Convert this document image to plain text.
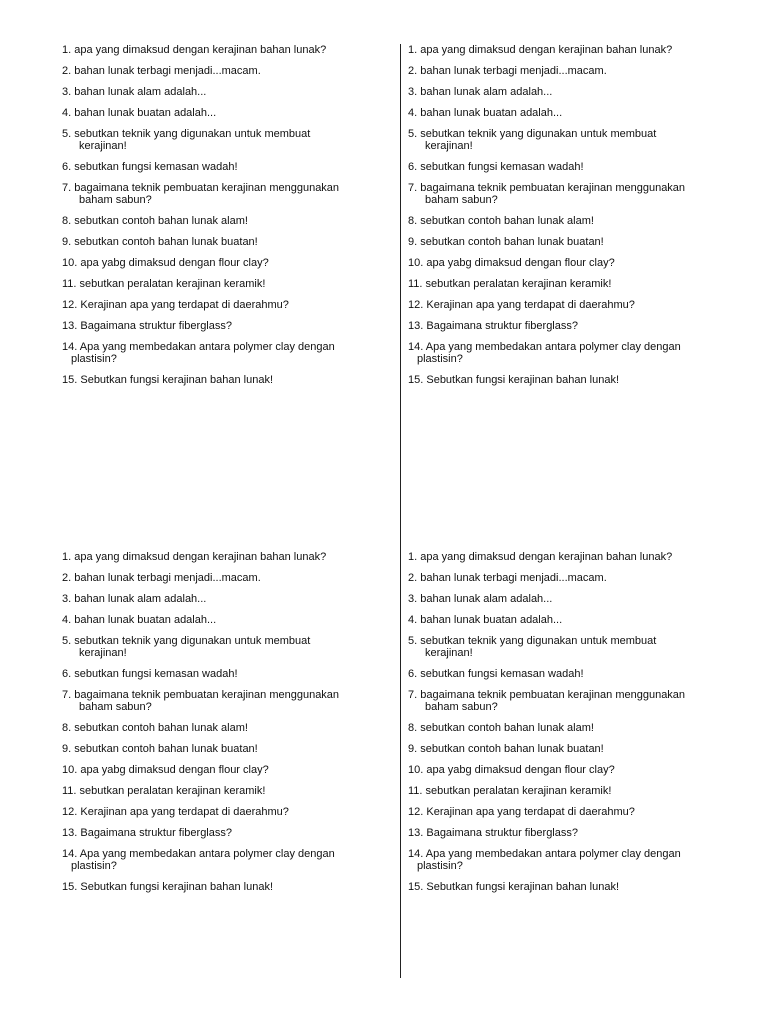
1. apa yang dimaksud dengan kerajinan bahan lunak?
2. bahan lunak terbagi menjadi...macam.
3. bahan lunak alam adalah...
4. bahan lunak buatan adalah...
5. sebutkan teknik yang digunakan untuk membuat
kerajinan!
6. sebutkan fungsi kemasan wadah!
7. bagaimana teknik pembuatan kerajinan menggunakan
baham sabun?
8. sebutkan contoh bahan lunak alam!
9. sebutkan contoh bahan lunak buatan!
10. apa yabg dimaksud dengan flour clay?
11. sebutkan peralatan kerajinan keramik!
12. Kerajinan apa yang terdapat di daerahmu?
13. Bagaimana struktur fiberglass?
14. Apa yang membedakan antara polymer clay dengan
plastisin?
15. Sebutkan fungsi kerajinan bahan lunak!
1. apa yang dimaksud dengan kerajinan bahan lunak?
2. bahan lunak terbagi menjadi...macam.
3. bahan lunak alam adalah...
4. bahan lunak buatan adalah...
5. sebutkan teknik yang digunakan untuk membuat
kerajinan!
6. sebutkan fungsi kemasan wadah!
7. bagaimana teknik pembuatan kerajinan menggunakan
baham sabun?
8. sebutkan contoh bahan lunak alam!
9. sebutkan contoh bahan lunak buatan!
10. apa yabg dimaksud dengan flour clay?
11. sebutkan peralatan kerajinan keramik!
12. Kerajinan apa yang terdapat di daerahmu?
13. Bagaimana struktur fiberglass?
14. Apa yang membedakan antara polymer clay dengan
plastisin?
15. Sebutkan fungsi kerajinan bahan lunak!
1. apa yang dimaksud dengan kerajinan bahan lunak?
2. bahan lunak terbagi menjadi...macam.
3. bahan lunak alam adalah...
4. bahan lunak buatan adalah...
5. sebutkan teknik yang digunakan untuk membuat
kerajinan!
6. sebutkan fungsi kemasan wadah!
7. bagaimana teknik pembuatan kerajinan menggunakan
baham sabun?
8. sebutkan contoh bahan lunak alam!
9. sebutkan contoh bahan lunak buatan!
10. apa yabg dimaksud dengan flour clay?
11. sebutkan peralatan kerajinan keramik!
12. Kerajinan apa yang terdapat di daerahmu?
13. Bagaimana struktur fiberglass?
14. Apa yang membedakan antara polymer clay dengan
plastisin?
15. Sebutkan fungsi kerajinan bahan lunak!
1. apa yang dimaksud dengan kerajinan bahan lunak?
2. bahan lunak terbagi menjadi...macam.
3. bahan lunak alam adalah...
4. bahan lunak buatan adalah...
5. sebutkan teknik yang digunakan untuk membuat
kerajinan!
6. sebutkan fungsi kemasan wadah!
7. bagaimana teknik pembuatan kerajinan menggunakan
baham sabun?
8. sebutkan contoh bahan lunak alam!
9. sebutkan contoh bahan lunak buatan!
10. apa yabg dimaksud dengan flour clay?
11. sebutkan peralatan kerajinan keramik!
12. Kerajinan apa yang terdapat di daerahmu?
13. Bagaimana struktur fiberglass?
14. Apa yang membedakan antara polymer clay dengan
plastisin?
15. Sebutkan fungsi kerajinan bahan lunak!
